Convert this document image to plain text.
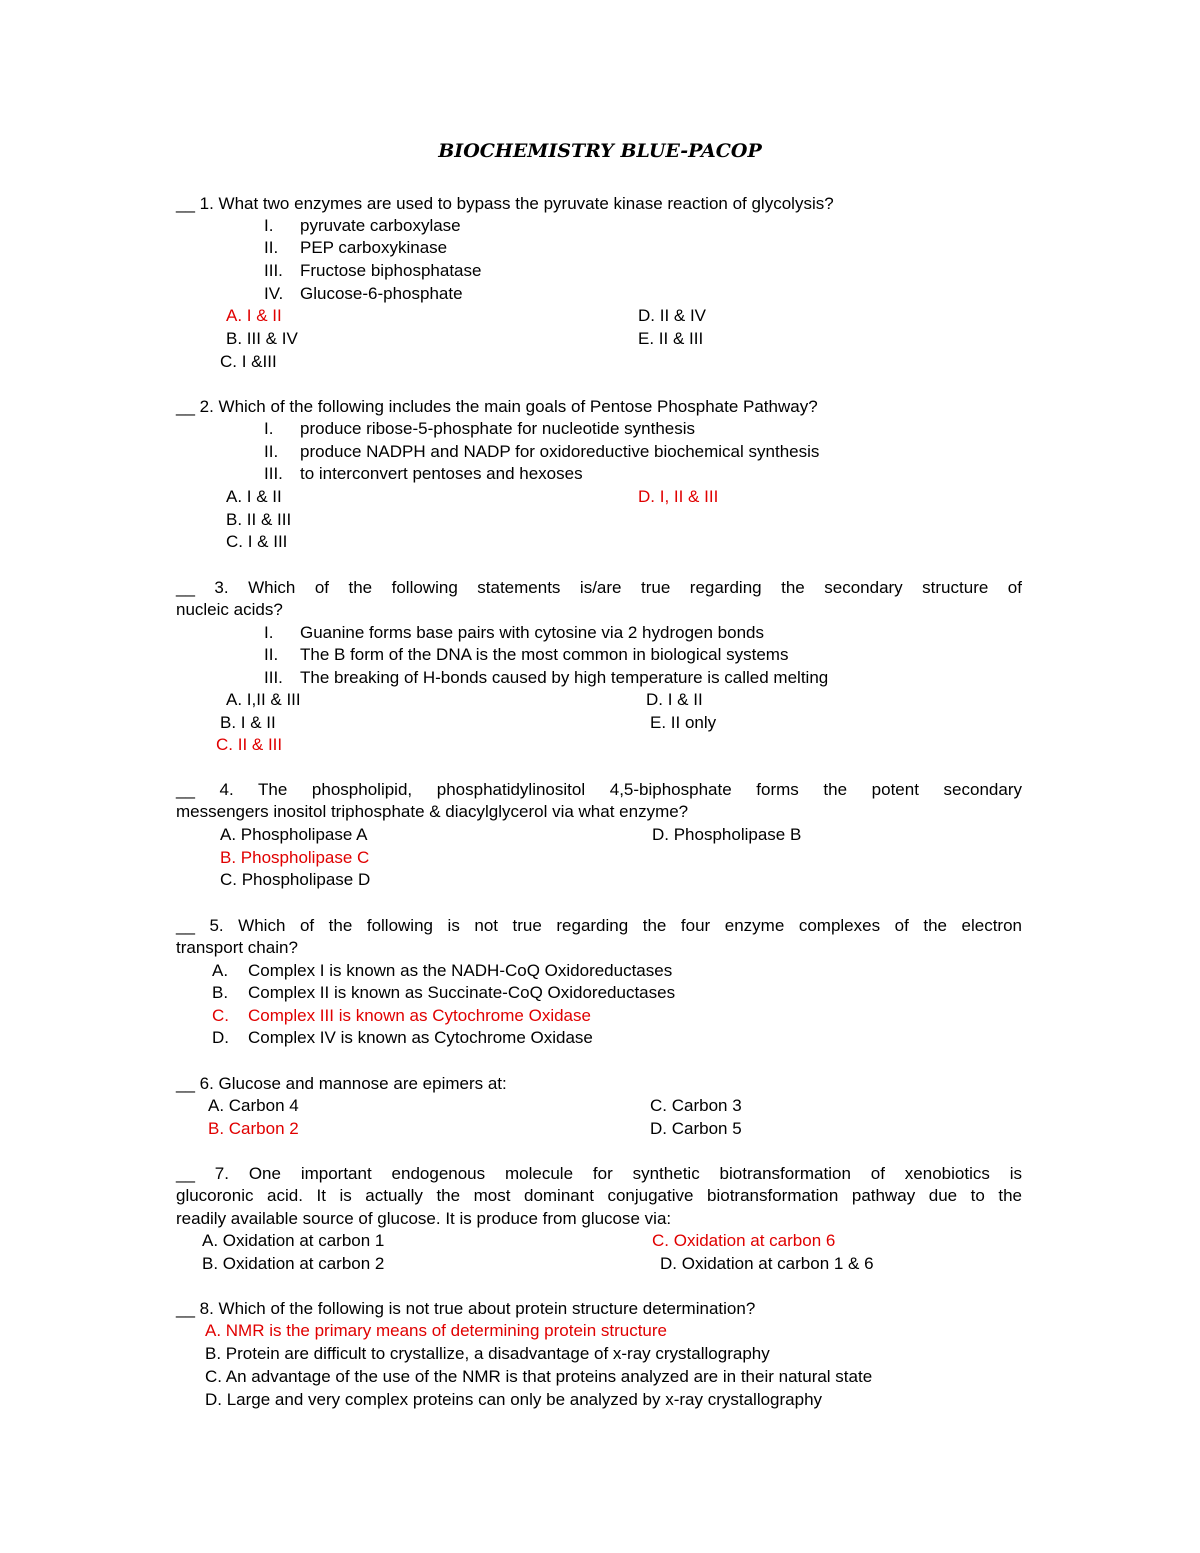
BIOCHEMISTRY BLUE-PACOP
__ 1. What two enzymes are used to bypass the pyruvate kinase reaction of glycolysis?
I. pyruvate carboxylase
II. PEP carboxykinase
III. Fructose biphosphatase
IV. Glucose-6-phosphate
A. I & II
B. III & IV
C. I &III
D. II & IV
E. II & III
__ 2. Which of the following includes the main goals of Pentose Phosphate Pathway?
I. produce ribose-5-phosphate for nucleotide synthesis
II. produce NADPH and NADP for oxidoreductive biochemical synthesis
III. to interconvert pentoses and hexoses
A. I & II
B. II & III
C. I & III
D. I, II & III
__ 3. Which of the following statements is/are true regarding the secondary structure of
nucleic acids?
I. Guanine forms base pairs with cytosine via 2 hydrogen bonds
II. The B form of the DNA is the most common in biological systems
III. The breaking of H-bonds caused by high temperature is called melting
A. I,II & III
B. I & II
C. II & III
D. I & II
E. II only
__ 4. The phospholipid, phosphatidylinositol 4,5-biphosphate forms the potent secondary
messengers inositol triphosphate & diacylglycerol via what enzyme?
A. Phospholipase A
B. Phospholipase C
C. Phospholipase D
D. Phospholipase B
__ 5. Which of the following is not true regarding the four enzyme complexes of the electron
transport chain?
A. Complex I is known as the NADH-CoQ Oxidoreductases
B. Complex II is known as Succinate-CoQ Oxidoreductases
C. Complex III is known as Cytochrome Oxidase
D. Complex IV is known as Cytochrome Oxidase
__ 6. Glucose and mannose are epimers at:
A. Carbon 4
B. Carbon 2
C. Carbon 3
D. Carbon 5
__ 7. One important endogenous molecule for synthetic biotransformation of xenobiotics is
glucoronic acid. It is actually the most dominant conjugative biotransformation pathway due to the
readily available source of glucose. It is produce from glucose via:
A. Oxidation at carbon 1
B. Oxidation at carbon 2
C. Oxidation at carbon 6
D. Oxidation at carbon 1 & 6
__ 8. Which of the following is not true about protein structure determination?
A. NMR is the primary means of determining protein structure
B. Protein are difficult to crystallize, a disadvantage of x-ray crystallography
C. An advantage of the use of the NMR is that proteins analyzed are in their natural state
D. Large and very complex proteins can only be analyzed by x-ray crystallography
